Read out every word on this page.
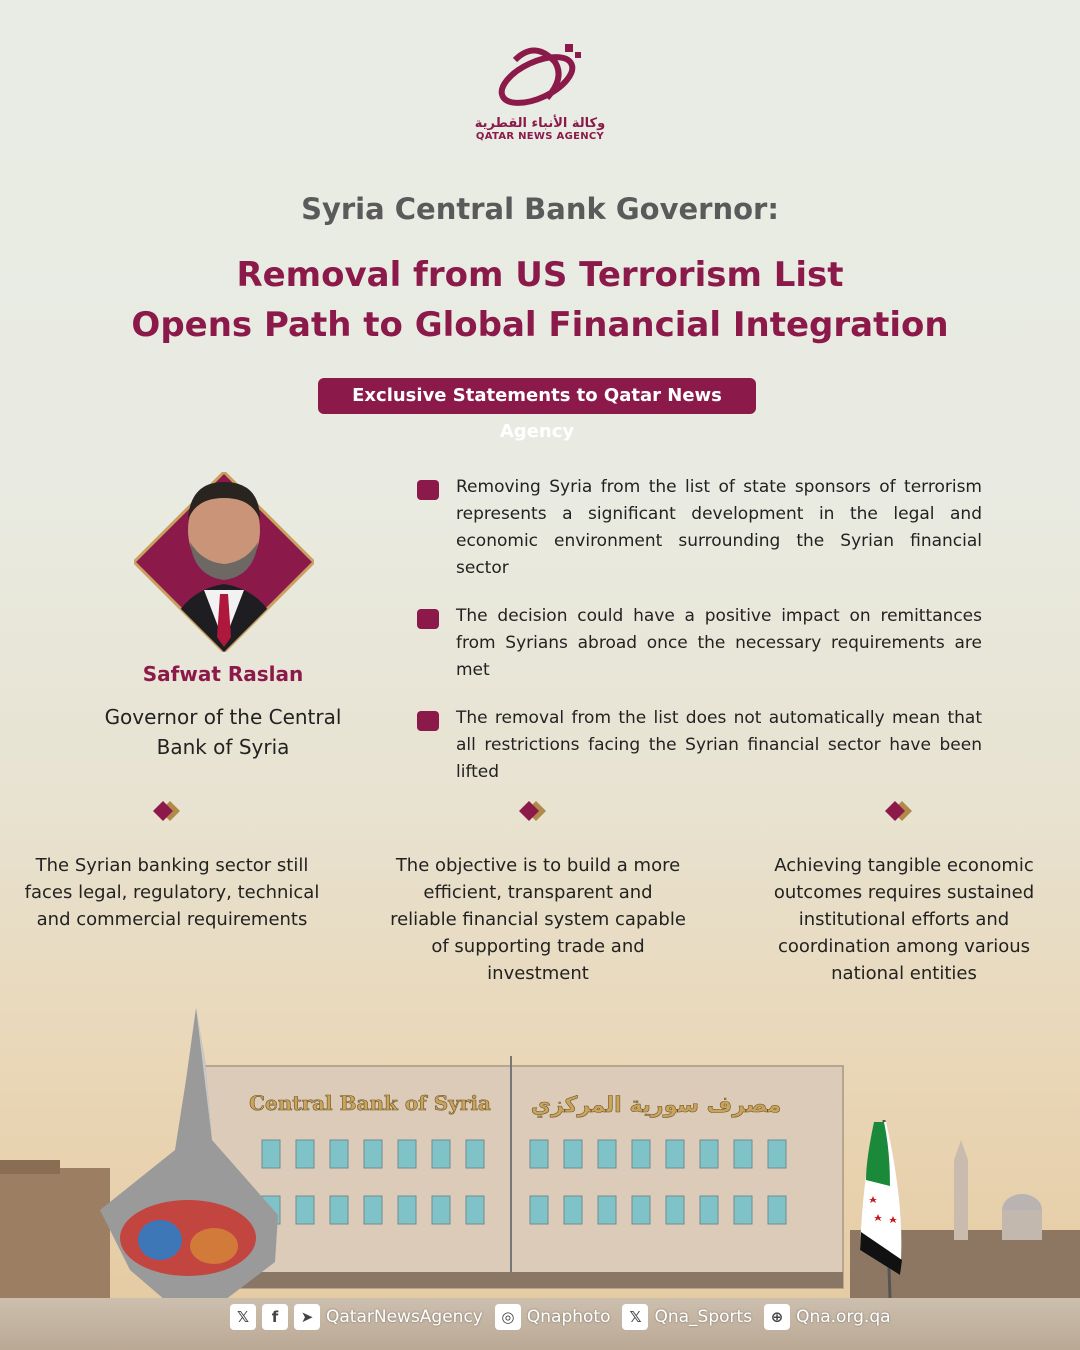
وكالة الأنباء القطرية
QATAR NEWS AGENCY
Syria Central Bank Governor:
Removal from US Terrorism List
Opens Path to Global Financial Integration
Exclusive Statements to Qatar News Agency
Safwat Raslan
Governor of the Central
Bank of Syria
Removing Syria from the list of state sponsors of terrorism represents a significant development in the legal and economic environment surrounding the Syrian financial sector
The decision could have a positive impact on remittances from Syrians abroad once the necessary requirements are met
The removal from the list does not automatically mean that all restrictions facing the Syrian financial sector have been lifted
The Syrian banking sector still faces legal, regulatory, technical and commercial requirements
The objective is to build a more efficient, transparent and reliable financial system capable of supporting trade and investment
Achieving tangible economic outcomes requires sustained institutional efforts and coordination among various national entities
Central Bank of Syria مصرف سورية المركزي
𝕏	f	➤ QatarNewsAgency	◎ Qnaphoto	𝕏 Qna_Sports	⊕ Qna.org.qa
